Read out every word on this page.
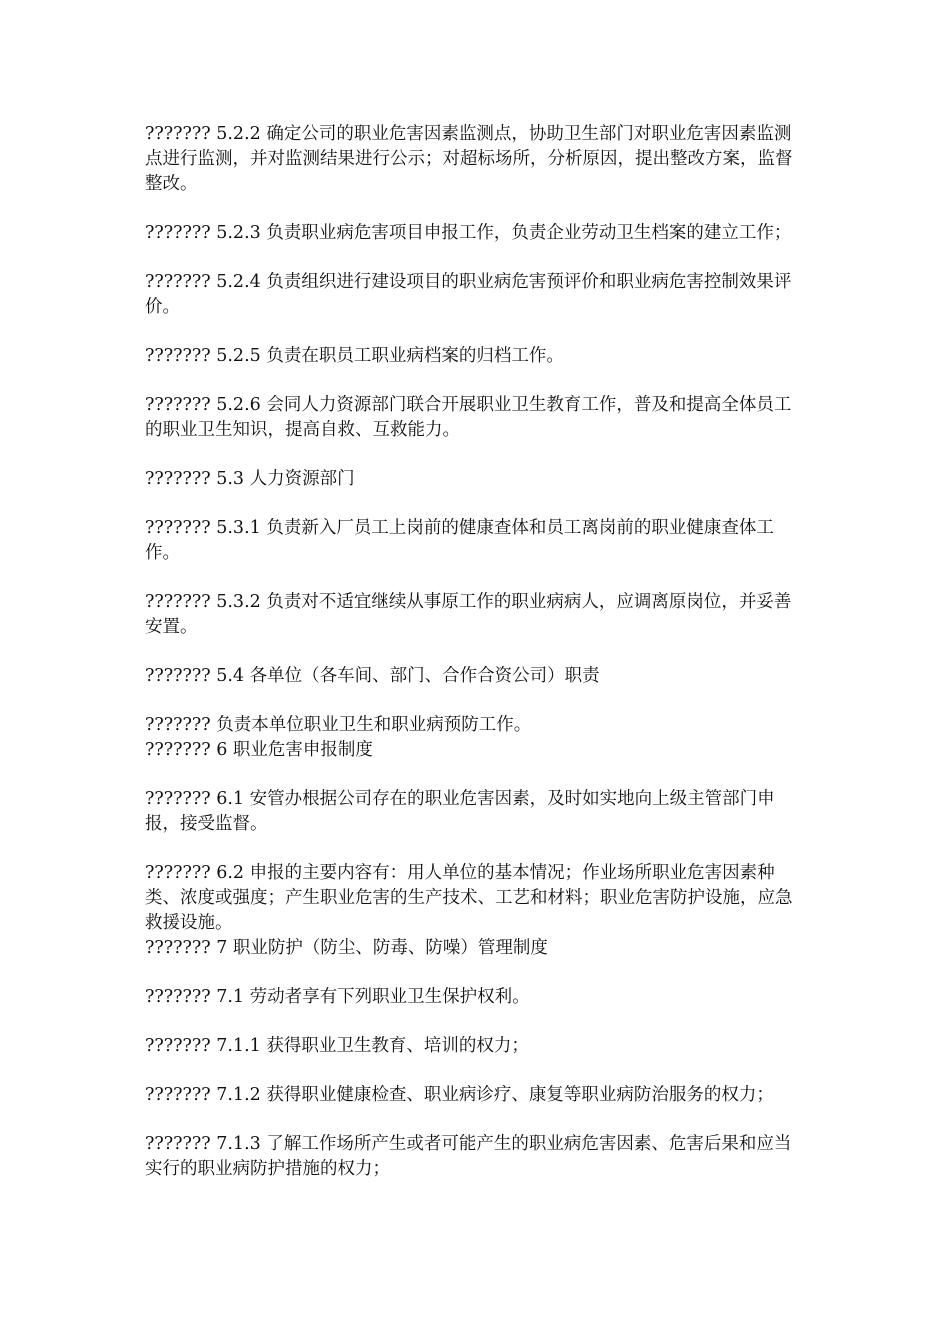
??????? 5.2.2 确定公司的职业危害因素监测点，协助卫生部门对职业危害因素监测点进行监测，并对监测结果进行公示；对超标场所，分析原因，提出整改方案，监督整改。

??????? 5.2.3 负责职业病危害项目申报工作，负责企业劳动卫生档案的建立工作；

??????? 5.2.4 负责组织进行建设项目的职业病危害预评价和职业病危害控制效果评价。

??????? 5.2.5 负责在职员工职业病档案的归档工作。

??????? 5.2.6 会同人力资源部门联合开展职业卫生教育工作，普及和提高全体员工的职业卫生知识，提高自救、互救能力。

??????? 5.3 人力资源部门

??????? 5.3.1 负责新入厂员工上岗前的健康查体和员工离岗前的职业健康查体工作。

??????? 5.3.2 负责对不适宜继续从事原工作的职业病病人，应调离原岗位，并妥善安置。

??????? 5.4 各单位（各车间、部门、合作合资公司）职责

??????? 负责本单位职业卫生和职业病预防工作。

??????? 6 职业危害申报制度

??????? 6.1 安管办根据公司存在的职业危害因素，及时如实地向上级主管部门申报，接受监督。

??????? 6.2 申报的主要内容有：用人单位的基本情况；作业场所职业危害因素种类、浓度或强度；产生职业危害的生产技术、工艺和材料；职业危害防护设施，应急救援设施。

??????? 7 职业防护（防尘、防毒、防噪）管理制度

??????? 7.1 劳动者享有下列职业卫生保护权利。

??????? 7.1.1 获得职业卫生教育、培训的权力；

??????? 7.1.2 获得职业健康检查、职业病诊疗、康复等职业病防治服务的权力；

??????? 7.1.3 了解工作场所产生或者可能产生的职业病危害因素、危害后果和应当实行的职业病防护措施的权力；
